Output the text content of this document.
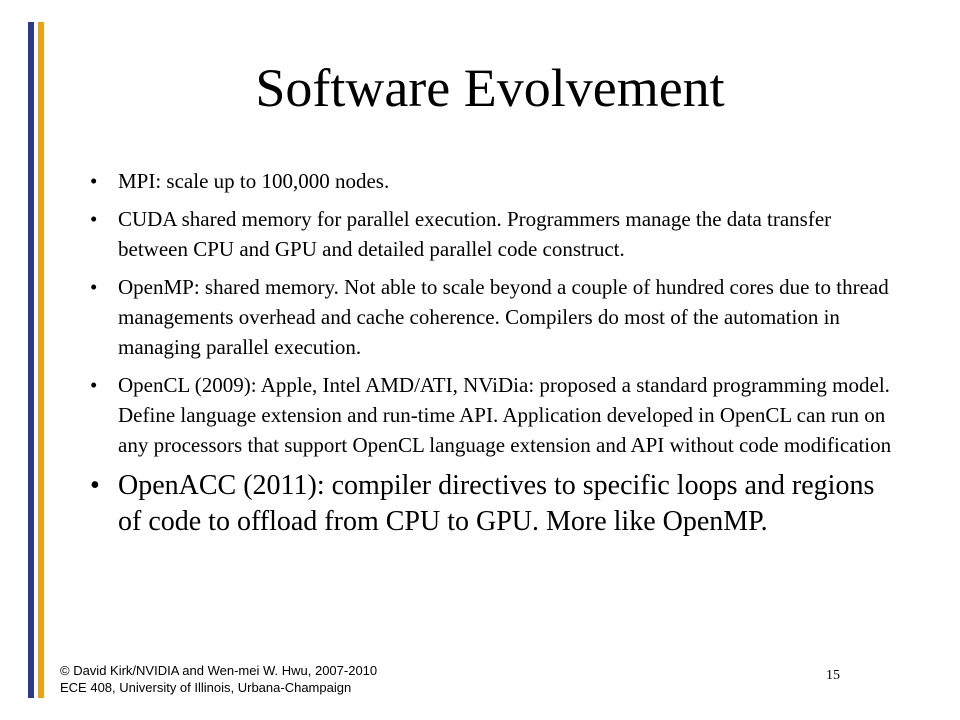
Software Evolvement
• MPI: scale up to 100,000 nodes.
• CUDA shared memory for parallel execution. Programmers manage the data transfer between CPU and GPU and detailed parallel code construct.
• OpenMP: shared memory. Not able to scale beyond a couple of hundred cores due to thread managements overhead and cache coherence. Compilers do most of the automation in managing parallel execution.
• OpenCL (2009): Apple, Intel AMD/ATI, NViDia: proposed a standard programming model. Define language extension and run-time API. Application developed in OpenCL can run on any processors that support OpenCL language extension and API without code modification
• OpenACC (2011): compiler directives to specific loops and regions of code to offload from CPU to GPU. More like OpenMP.
© David Kirk/NVIDIA and Wen-mei W. Hwu, 2007-2010
ECE 408, University of Illinois, Urbana-Champaign
15
